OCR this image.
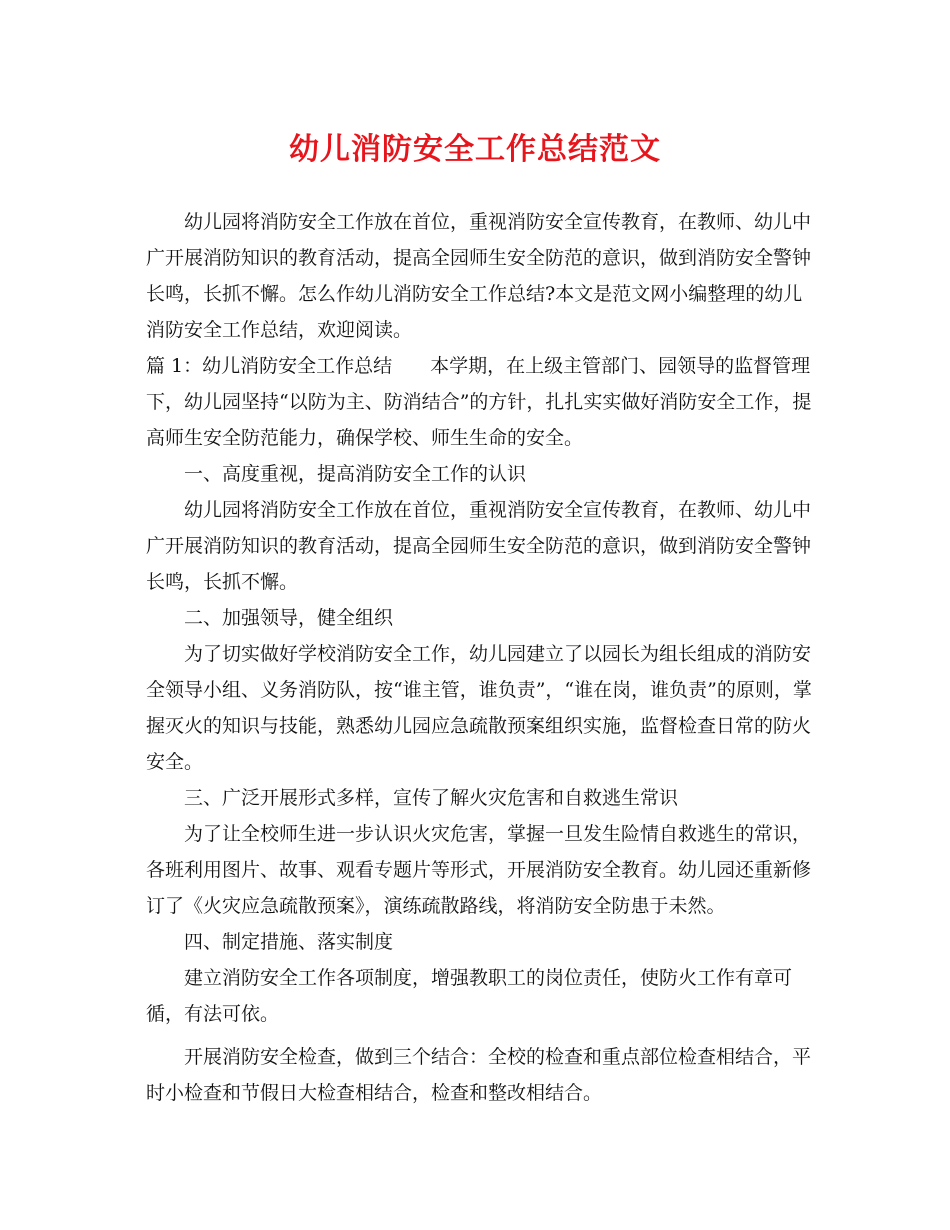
幼儿消防安全工作总结范文

幼儿园将消防安全工作放在首位，重视消防安全宣传教育，在教师、幼儿中广开展消防知识的教育活动，提高全园师生安全防范的意识，做到消防安全警钟长鸣，长抓不懈。怎么作幼儿消防安全工作总结?本文是范文网小编整理的幼儿消防安全工作总结，欢迎阅读。

篇 1：幼儿消防安全工作总结　　本学期，在上级主管部门、园领导的监督管理下，幼儿园坚持“以防为主、防消结合”的方针，扎扎实实做好消防安全工作，提高师生安全防范能力，确保学校、师生生命的安全。

一、高度重视，提高消防安全工作的认识

幼儿园将消防安全工作放在首位，重视消防安全宣传教育，在教师、幼儿中广开展消防知识的教育活动，提高全园师生安全防范的意识，做到消防安全警钟长鸣，长抓不懈。

二、加强领导，健全组织

为了切实做好学校消防安全工作，幼儿园建立了以园长为组长组成的消防安全领导小组、义务消防队，按“谁主管，谁负责”，“谁在岗，谁负责”的原则，掌握灭火的知识与技能，熟悉幼儿园应急疏散预案组织实施，监督检查日常的防火安全。

三、广泛开展形式多样，宣传了解火灾危害和自救逃生常识

为了让全校师生进一步认识火灾危害，掌握一旦发生险情自救逃生的常识，各班利用图片、故事、观看专题片等形式，开展消防安全教育。幼儿园还重新修订了《火灾应急疏散预案》，演练疏散路线，将消防安全防患于未然。

四、制定措施、落实制度

建立消防安全工作各项制度，增强教职工的岗位责任，使防火工作有章可循，有法可依。

开展消防安全检查，做到三个结合：全校的检查和重点部位检查相结合，平时小检查和节假日大检查相结合，检查和整改相结合。
